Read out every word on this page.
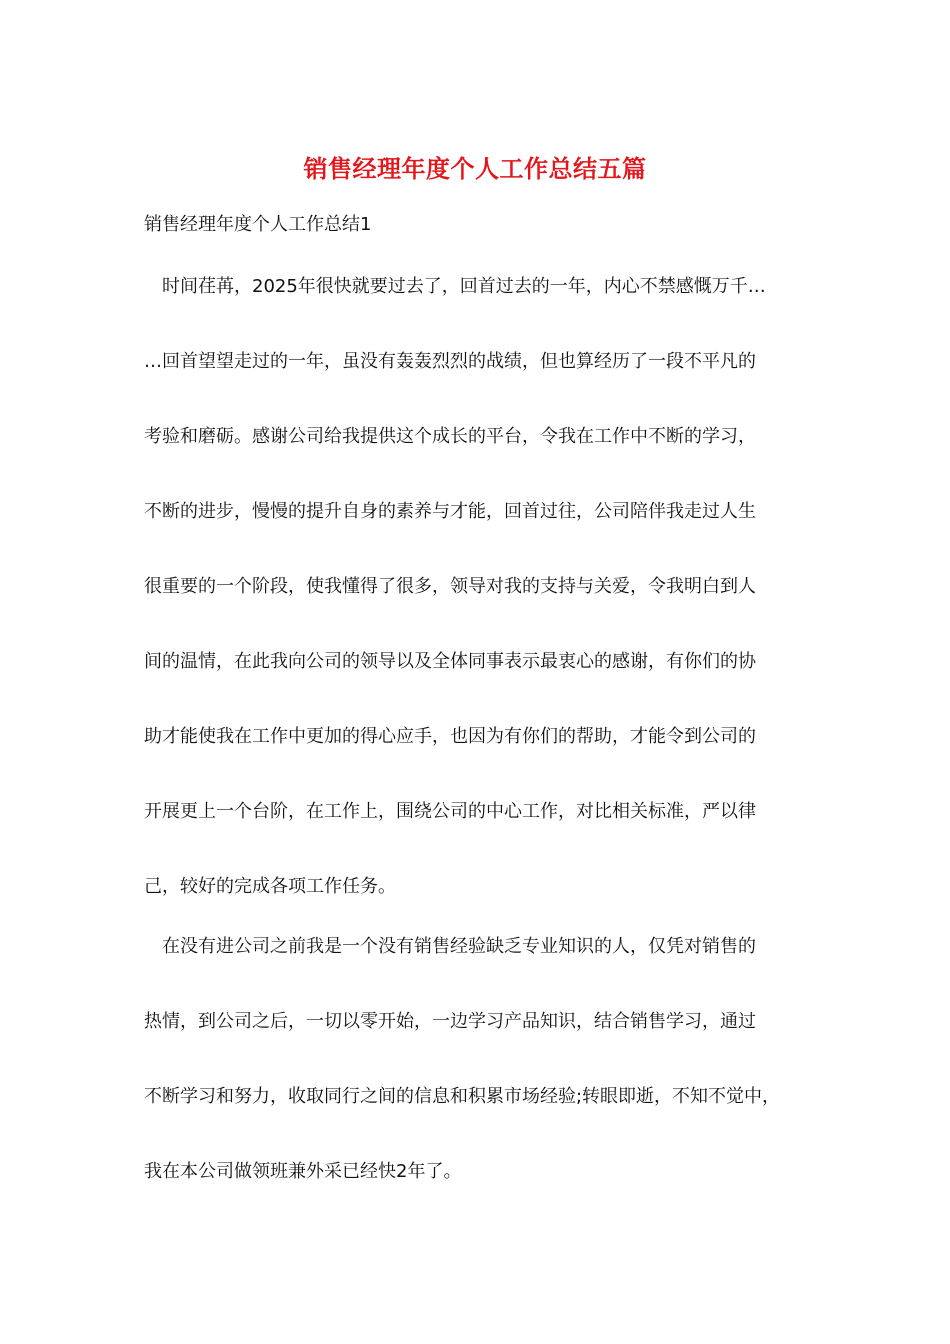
销售经理年度个人工作总结五篇
销售经理年度个人工作总结1
　时间荏苒，2025年很快就要过去了，回首过去的一年，内心不禁感慨万千…
…回首望望走过的一年，虽没有轰轰烈烈的战绩，但也算经历了一段不平凡的
考验和磨砺。感谢公司给我提供这个成长的平台，令我在工作中不断的学习，
不断的进步，慢慢的提升自身的素养与才能，回首过往，公司陪伴我走过人生
很重要的一个阶段，使我懂得了很多，领导对我的支持与关爱，令我明白到人
间的温情，在此我向公司的领导以及全体同事表示最衷心的感谢，有你们的协
助才能使我在工作中更加的得心应手，也因为有你们的帮助，才能令到公司的
开展更上一个台阶，在工作上，围绕公司的中心工作，对比相关标准，严以律
己，较好的完成各项工作任务。
　在没有进公司之前我是一个没有销售经验缺乏专业知识的人，仅凭对销售的
热情，到公司之后，一切以零开始，一边学习产品知识，结合销售学习，通过
不断学习和努力，收取同行之间的信息和积累市场经验;转眼即逝，不知不觉中，
我在本公司做领班兼外采已经快2年了。
